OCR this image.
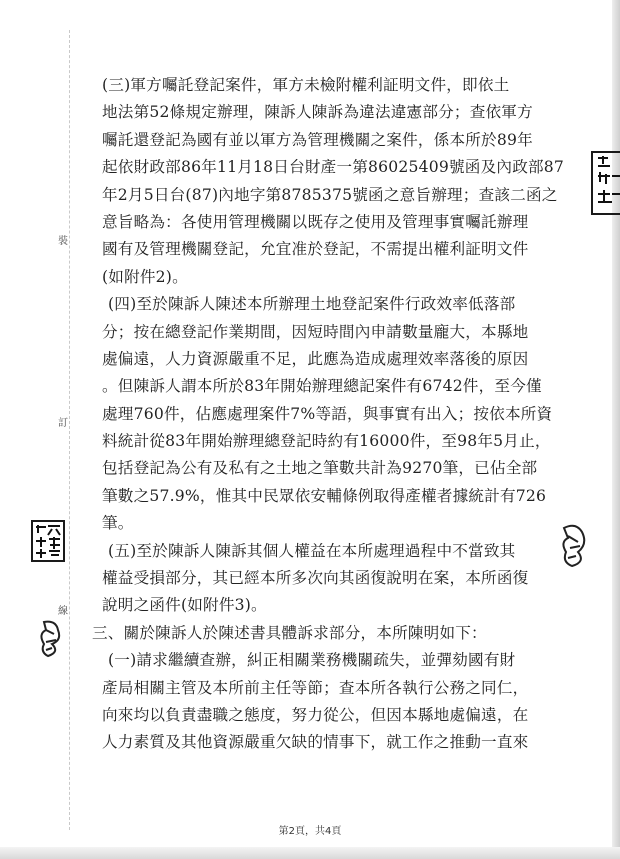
裝
訂
線
(三)軍方囑託登記案件，軍方未檢附權利証明文件，即依土
地法第52條規定辦理，陳訴人陳訴為違法違憲部分；查依軍方
囑託還登記為國有並以軍方為管理機關之案件，係本所於89年
起依財政部86年11月18日台財產一第86025409號函及內政部87
年2月5日台(87)內地字第8785375號函之意旨辦理；查該二函之
意旨略為：各使用管理機關以既存之使用及管理事實囑託辦理
國有及管理機關登記，允宜准於登記，不需提出權利証明文件
(如附件2)。
(四)至於陳訴人陳述本所辦理土地登記案件行政效率低落部
分；按在總登記作業期間，因短時間內申請數量龐大，本縣地
處偏遠，人力資源嚴重不足，此應為造成處理效率落後的原因
。但陳訴人謂本所於83年開始辦理總記案件有6742件，至今僅
處理760件，佔應處理案件7%等語，與事實有出入；按依本所資
料統計從83年開始辦理總登記時約有16000件，至98年5月止，
包括登記為公有及私有之土地之筆數共計為9270筆，已佔全部
筆數之57.9%，惟其中民眾依安輔條例取得產權者據統計有726
筆。
(五)至於陳訴人陳訴其個人權益在本所處理過程中不當致其
權益受損部分，其已經本所多次向其函復說明在案，本所函復
說明之函件(如附件3)。
三、關於陳訴人於陳述書具體訴求部分，本所陳明如下：
(一)請求繼續查辦，糾正相關業務機關疏失，並彈劾國有財
產局相關主管及本所前主任等節；查本所各執行公務之同仁，
向來均以負責盡職之態度，努力從公，但因本縣地處偏遠，在
人力素質及其他資源嚴重欠缺的情事下，就工作之推動一直來
第2頁，共4頁
